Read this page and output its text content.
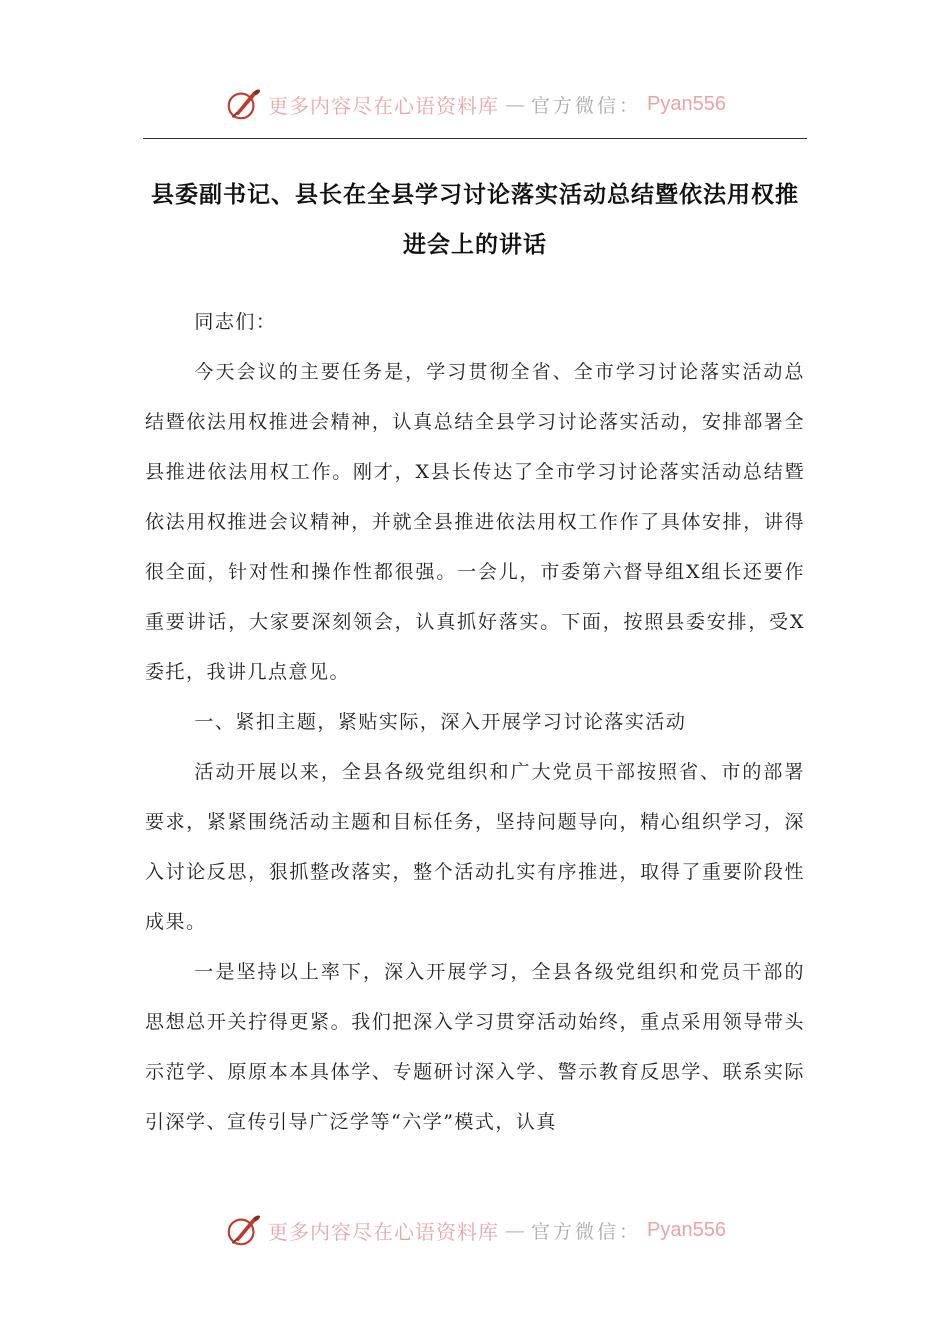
更多内容尽在心语资料库 — 官方微信： Pyan556
县委副书记、县长在全县学习讨论落实活动总结暨依法用权推进会上的讲话

同志们：

今天会议的主要任务是，学习贯彻全省、全市学习讨论落实活动总结暨依法用权推进会精神，认真总结全县学习讨论落实活动，安排部署全县推进依法用权工作。刚才，X县长传达了全市学习讨论落实活动总结暨依法用权推进会议精神，并就全县推进依法用权工作作了具体安排，讲得很全面，针对性和操作性都很强。一会儿，市委第六督导组X组长还要作重要讲话，大家要深刻领会，认真抓好落实。下面，按照县委安排，受X委托，我讲几点意见。

一、紧扣主题，紧贴实际，深入开展学习讨论落实活动

活动开展以来，全县各级党组织和广大党员干部按照省、市的部署要求，紧紧围绕活动主题和目标任务，坚持问题导向，精心组织学习，深入讨论反思，狠抓整改落实，整个活动扎实有序推进，取得了重要阶段性成果。

一是坚持以上率下，深入开展学习，全县各级党组织和党员干部的思想总开关拧得更紧。我们把深入学习贯穿活动始终，重点采用领导带头示范学、原原本本具体学、专题研讨深入学、警示教育反思学、联系实际引深学、宣传引导广泛学等“六学”模式，认真

更多内容尽在心语资料库 — 官方微信： Pyan556
